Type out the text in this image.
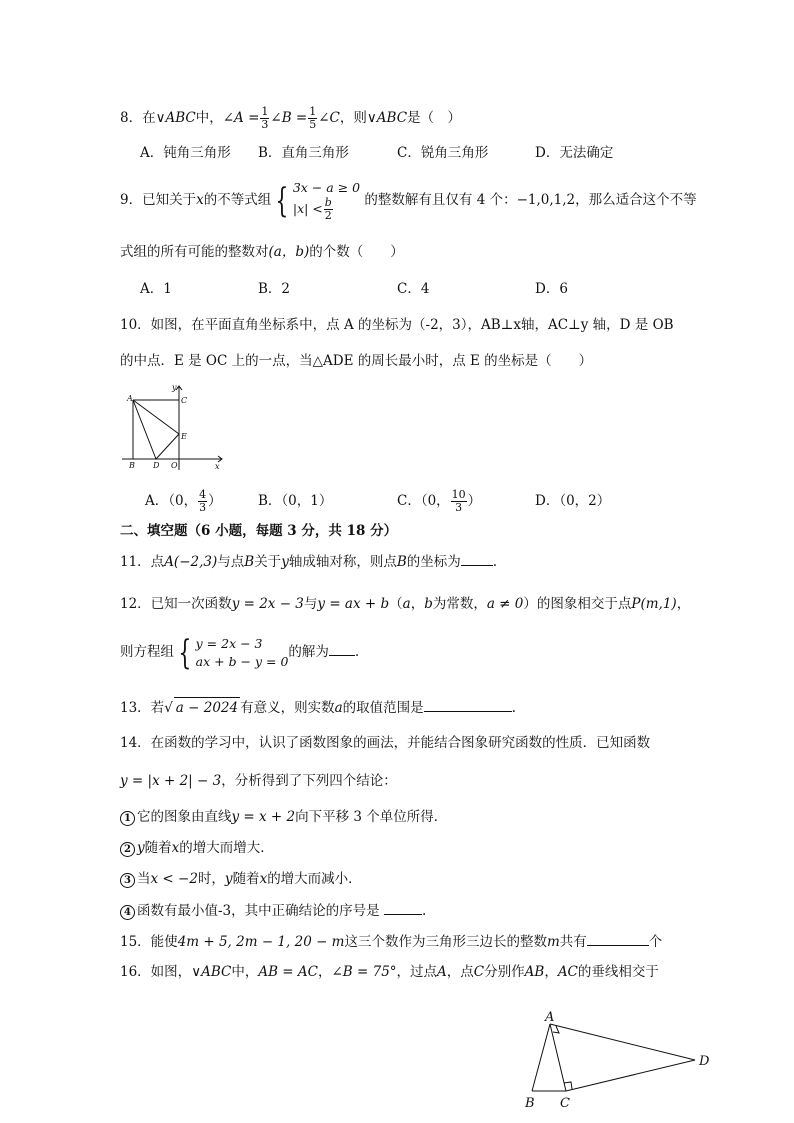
8．在∨ABC中，∠A = $\frac{1}{3}$ ∠B = $\frac{1}{5}$ ∠C，则∨ABC是（　）
A．钝角三角形 B．直角三角形	C．锐角三角形	D．无法确定
9．已知关于x的不等式组 { 3x − a ≥ 0
$|x| < \frac{b}{2}$ 的整数解有且仅有 4 个：−1,0,1,2，那么适合这个不等
式组的所有可能的整数对(a，b)的个数（　　）
A．1	B．2	C．4	D．6
10．如图，在平面直角坐标系中，点 A 的坐标为（-2，3），AB⊥x轴，AC⊥y 轴，D 是 OB
的中点．E 是 OC 上的一点，当△ADE 的周长最小时，点 E 的坐标是（　　）
y
x
A	C
E
B D O
A．（0， $\frac{4}{3}$ ）	B．（0，1）	C．（0， $\frac{10}{3}$ ）	D．（0，2）
二、填空题（6 小题，每题 3 分，共 18 分）
11．点A(−2,3)与点B关于y轴成轴对称，则点B的坐标为 .
12．已知一次函数y = 2x − 3与y = ax + b（a，b为常数，a ≠ 0）的图象相交于点P(m,1)，
则方程组 { y = 2x − 3
ax + b − y = 0
的解为 .
13．若√ a − 2024 有意义，则实数a的取值范围是	.
14．在函数的学习中，认识了函数图象的画法，并能结合图象研究函数的性质．已知函数
y = |x + 2| − 3，分析得到了下列四个结论：
1 它的图象由直线y = x + 2向下平移 3 个单位所得．
2 y随着x的增大而增大．
3 当x < −2时，y随着x的增大而减小．
4 函数有最小值-3，其中正确结论的序号是	.
15．能使4m + 5, 2m − 1, 20 − m这三个数作为三角形三边长的整数m共有	个
16．如图，∨ABC中，AB = AC，∠B = 75°，过点A，点C分别作AB，AC的垂线相交于
A
B C
D
